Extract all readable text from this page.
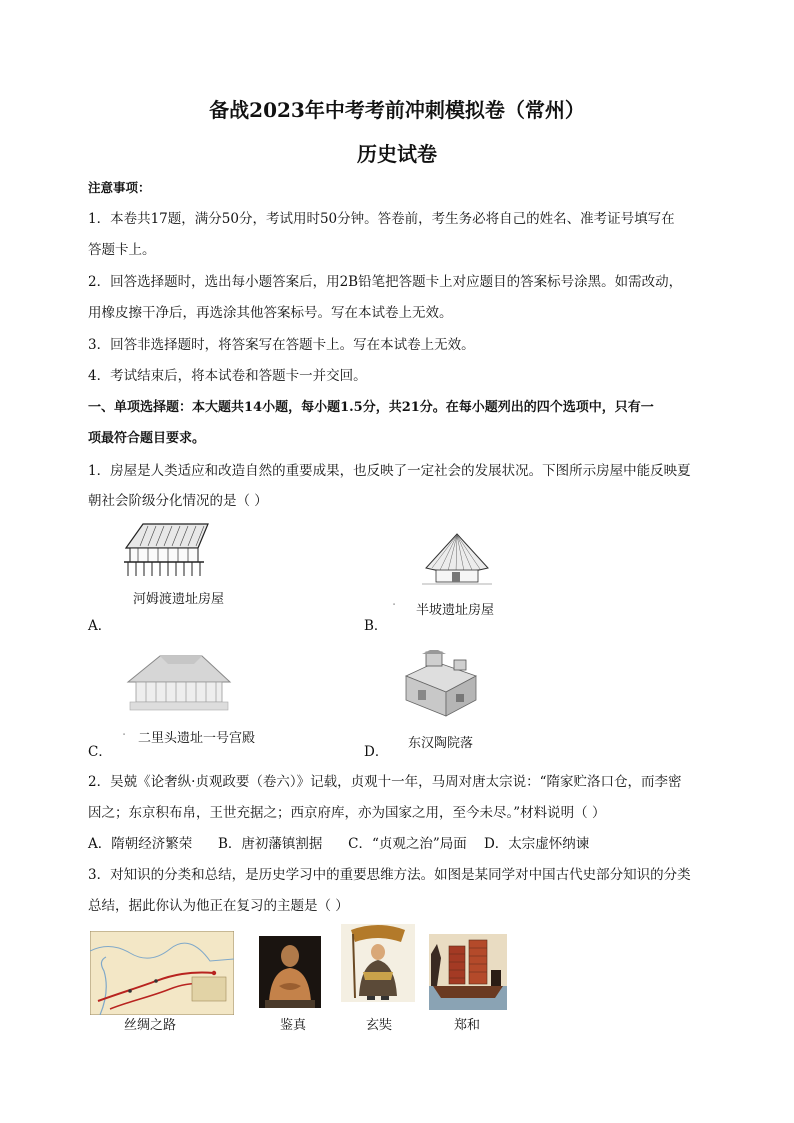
备战2023年中考考前冲刺模拟卷（常州）
历史试卷
注意事项：
1．本卷共17题，满分50分，考试用时50分钟。答卷前，考生务必将自己的姓名、准考证号填写在
答题卡上。
2．回答选择题时，选出每小题答案后，用2B铅笔把答题卡上对应题目的答案标号涂黑。如需改动，
用橡皮擦干净后，再选涂其他答案标号。写在本试卷上无效。
3．回答非选择题时，将答案写在答题卡上。写在本试卷上无效。
4．考试结束后，将本试卷和答题卡一并交回。
一、单项选择题：本大题共14小题，每小题1.5分，共21分。在每小题列出的四个选项中，只有一
项最符合题目要求。
1．房屋是人类适应和改造自然的重要成果，也反映了一定社会的发展状况。下图所示房屋中能反映夏
朝社会阶级分化情况的是（ ）
河姆渡遗址房屋
A．
半坡遗址房屋
B．
·
二里头遗址一号宫殿
C．
·
东汉陶院落
D．
2．吴兢《论奢纵·贞观政要（卷六）》记载，贞观十一年，马周对唐太宗说：“隋家贮洛口仓，而李密
因之；东京积布帛，王世充据之；西京府库，亦为国家之用，至今未尽。”材料说明（ ）
A．隋朝经济繁荣      B．唐初藩镇割据      C．“贞观之治”局面    D．太宗虚怀纳谏
3．对知识的分类和总结，是历史学习中的重要思维方法。如图是某同学对中国古代史部分知识的分类
总结，据此你认为他正在复习的主题是（ ）
丝绸之路	鉴真	玄奘	郑和
